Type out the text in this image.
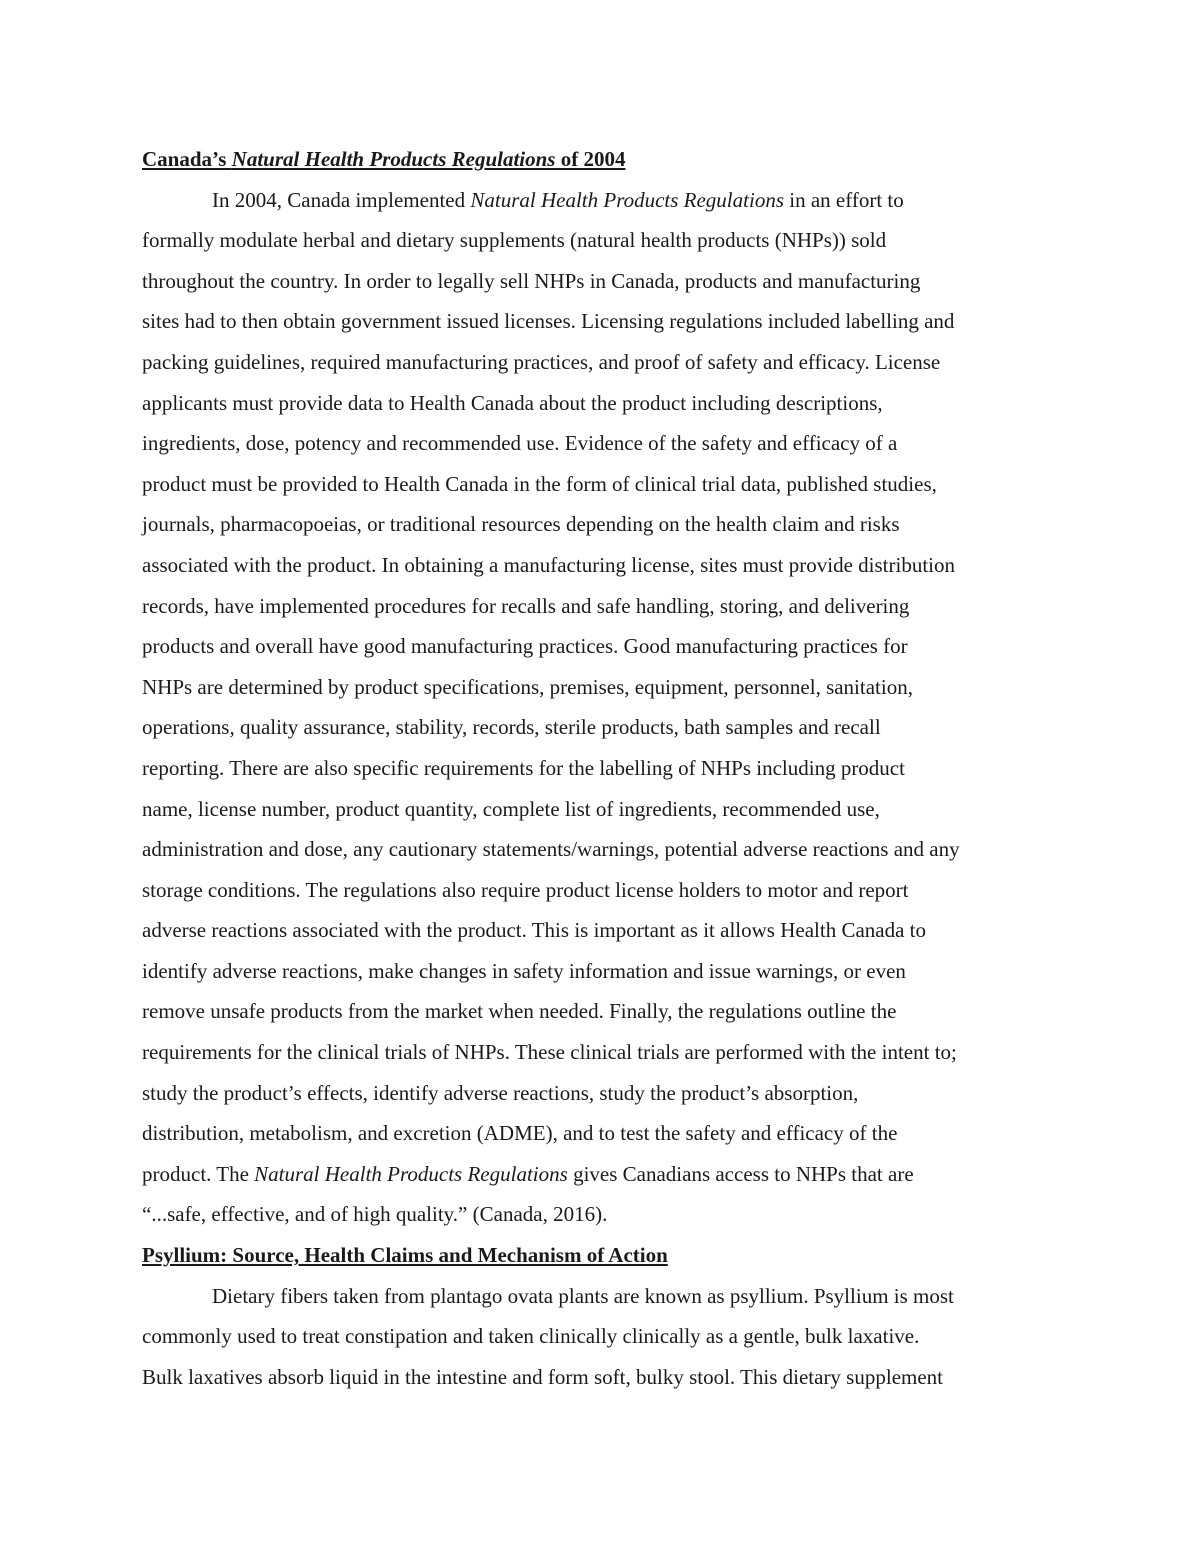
Canada’s Natural Health Products Regulations of 2004
In 2004, Canada implemented Natural Health Products Regulations in an effort to
formally modulate herbal and dietary supplements (natural health products (NHPs)) sold
throughout the country. In order to legally sell NHPs in Canada, products and manufacturing
sites had to then obtain government issued licenses. Licensing regulations included labelling and
packing guidelines, required manufacturing practices, and proof of safety and efficacy. License
applicants must provide data to Health Canada about the product including descriptions,
ingredients, dose, potency and recommended use. Evidence of the safety and efficacy of a
product must be provided to Health Canada in the form of clinical trial data, published studies,
journals, pharmacopoeias, or traditional resources depending on the health claim and risks
associated with the product. In obtaining a manufacturing license, sites must provide distribution
records, have implemented procedures for recalls and safe handling, storing, and delivering
products and overall have good manufacturing practices. Good manufacturing practices for
NHPs are determined by product specifications, premises, equipment, personnel, sanitation,
operations, quality assurance, stability, records, sterile products, bath samples and recall
reporting. There are also specific requirements for the labelling of NHPs including product
name, license number, product quantity, complete list of ingredients, recommended use,
administration and dose, any cautionary statements/warnings, potential adverse reactions and any
storage conditions. The regulations also require product license holders to motor and report
adverse reactions associated with the product. This is important as it allows Health Canada to
identify adverse reactions, make changes in safety information and issue warnings, or even
remove unsafe products from the market when needed. Finally, the regulations outline the
requirements for the clinical trials of NHPs. These clinical trials are performed with the intent to;
study the product’s effects, identify adverse reactions, study the product’s absorption,
distribution, metabolism, and excretion (ADME), and to test the safety and efficacy of the
product. The Natural Health Products Regulations gives Canadians access to NHPs that are
“...safe, effective, and of high quality.” (Canada, 2016).
Psyllium: Source, Health Claims and Mechanism of Action
Dietary fibers taken from plantago ovata plants are known as psyllium. Psyllium is most
commonly used to treat constipation and taken clinically clinically as a gentle, bulk laxative.
Bulk laxatives absorb liquid in the intestine and form soft, bulky stool. This dietary supplement
